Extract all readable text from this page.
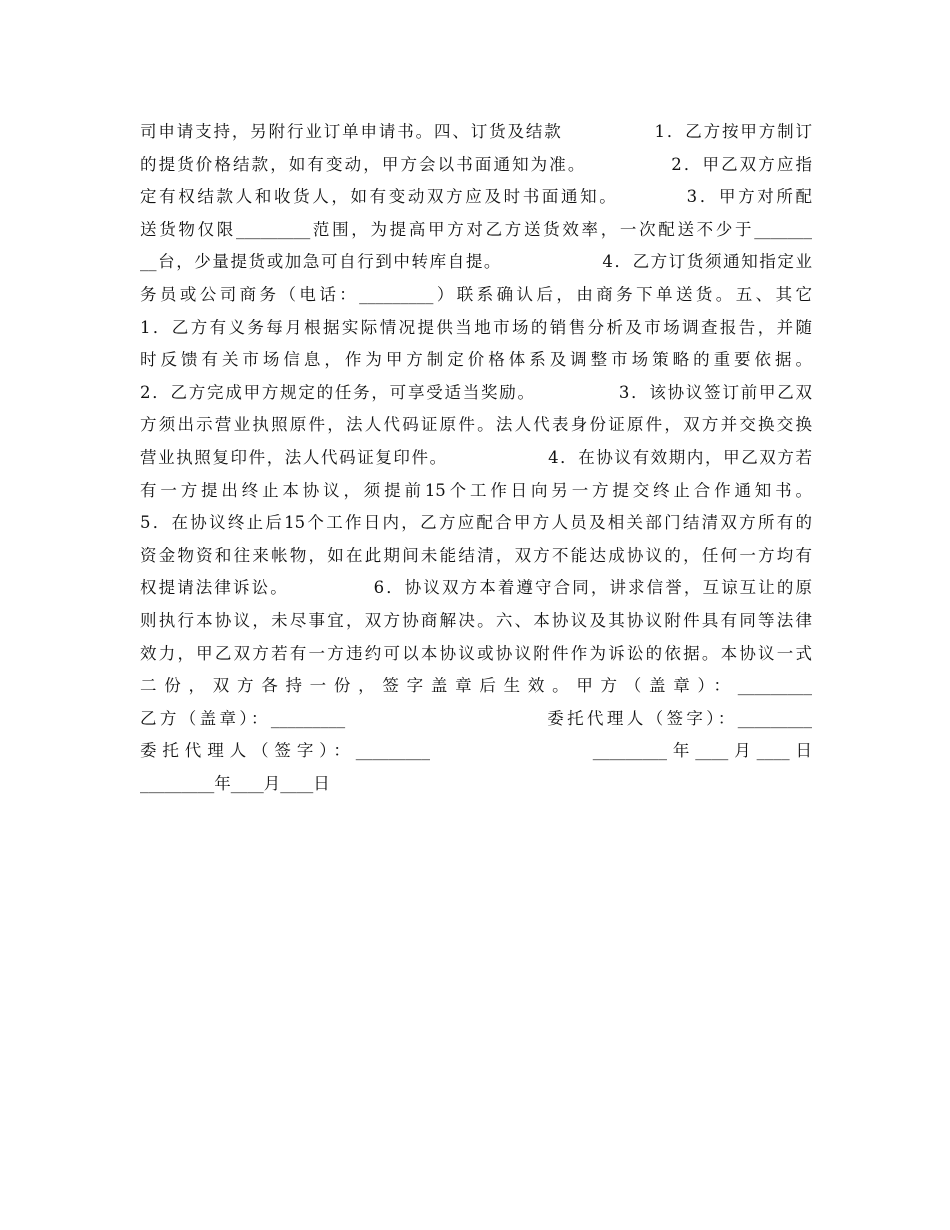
司申请支持，另附行业订单申请书。四、订货及结款　　　　　1．乙方按甲方制订
的提货价格结款，如有变动，甲方会以书面通知为准。　　　　　2．甲乙双方应指
定有权结款人和收货人，如有变动双方应及时书面通知。　　　　3．甲方对所配
送货物仅限_________范围，为提高甲方对乙方送货效率，一次配送不少于_______
__台，少量提货或加急可自行到中转库自提。　　　　　　4．乙方订货须通知指定业
务员或公司商务（电话：_________）联系确认后，由商务下单送货。五、其它
1．乙方有义务每月根据实际情况提供当地市场的销售分析及市场调查报告，并随
时反馈有关市场信息，作为甲方制定价格体系及调整市场策略的重要依据。
2．乙方完成甲方规定的任务，可享受适当奖励。　　　　　3．该协议签订前甲乙双
方须出示营业执照原件，法人代码证原件。法人代表身份证原件，双方并交换交换
营业执照复印件，法人代码证复印件。　　　　　　4．在协议有效期内，甲乙双方若
有一方提出终止本协议，须提前15个工作日向另一方提交终止合作通知书。
5．在协议终止后15个工作日内，乙方应配合甲方人员及相关部门结清双方所有的
资金物资和往来帐物，如在此期间未能结清，双方不能达成协议的，任何一方均有
权提请法律诉讼。　　　　　6．协议双方本着遵守合同，讲求信誉，互谅互让的原
则执行本协议，未尽事宜，双方协商解决。六、本协议及其协议附件具有同等法律
效力，甲乙双方若有一方违约可以本协议或协议附件作为诉讼的依据。本协议一式
二份，双方各持一份，签字盖章后生效。甲方（盖章）：_________
乙方（盖章）：_________　　　　　　　　　　委托代理人（签字）：_________
委托代理人（签字）：_________　　　　　　　_________年____月____日
_________年____月____日
